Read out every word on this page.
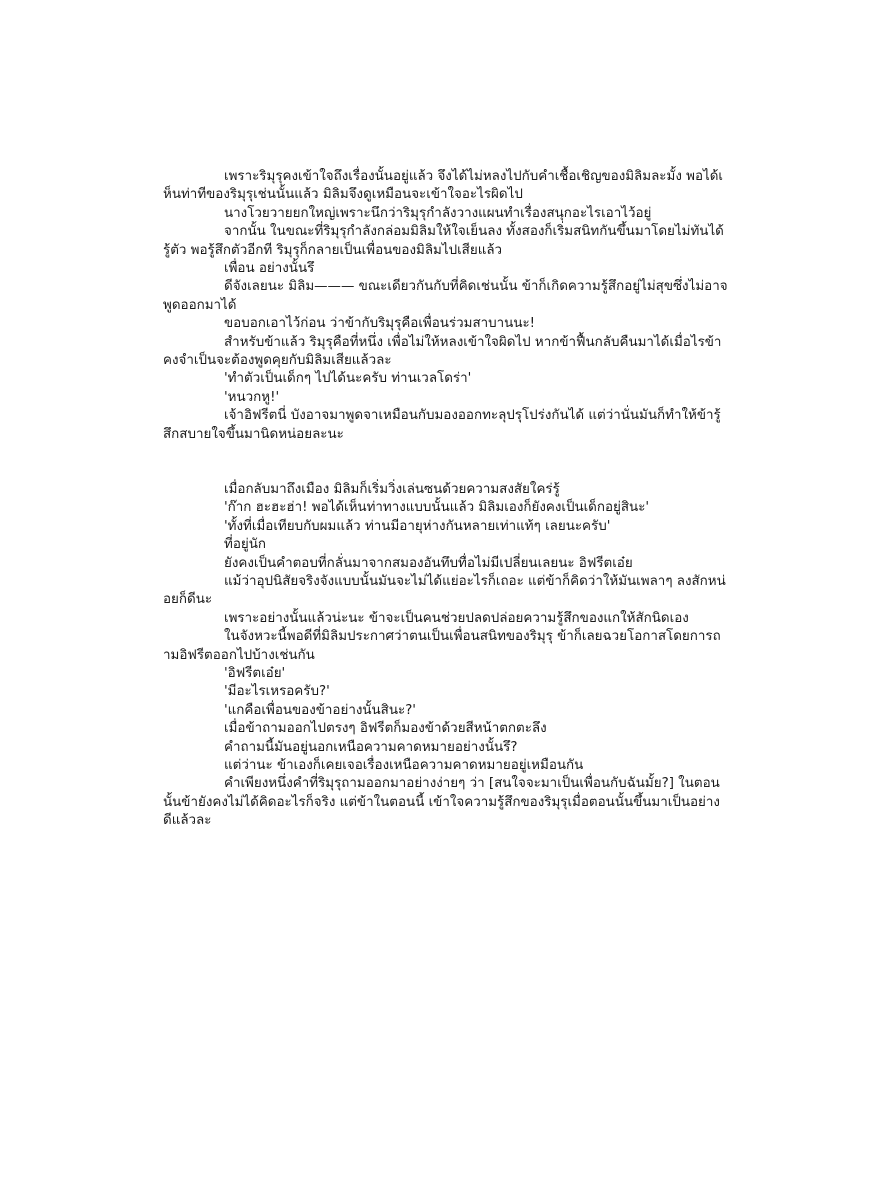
เพราะริมุรุคงเข้าใจถึงเรื่องนั้นอยู่แล้ว จึงได้ไม่หลงไปกับคำเชื้อเชิญของมิลิมละมั้ง พอได้เห็นท่าทีของริมุรุเช่นนั้นแล้ว มิลิมจึงดูเหมือนจะเข้าใจอะไรผิดไป

นางโวยวายยกใหญ่เพราะนึกว่าริมุรุกำลังวางแผนทำเรื่องสนุกอะไรเอาไว้อยู่

จากนั้น ในขณะที่ริมุรุกำลังกล่อมมิลิมให้ใจเย็นลง ทั้งสองก็เริ่มสนิทกันขึ้นมาโดยไม่ทันได้รู้ตัว พอรู้สึกตัวอีกที ริมุรุก็กลายเป็นเพื่อนของมิลิมไปเสียแล้ว

เพื่อน อย่างนั้นรึ

ดีจังเลยนะ มิลิม——— ขณะเดียวกันกับที่คิดเช่นนั้น ข้าก็เกิดความรู้สึกอยู่ไม่สุขซึ่งไม่อาจพูดออกมาได้

ขอบอกเอาไว้ก่อน ว่าข้ากับริมุรุคือเพื่อนร่วมสาบานนะ!

สำหรับข้าแล้ว ริมุรุคือที่หนึ่ง เพื่อไม่ให้หลงเข้าใจผิดไป หากข้าฟื้นกลับคืนมาได้เมื่อไรข้าคงจำเป็นจะต้องพูดคุยกับมิลิมเสียแล้วละ

'ทำตัวเป็นเด็กๆ ไปได้นะครับ ท่านเวลโดร่า'

'หนวกหู!'

เจ้าอิฟรีตนี่ บังอาจมาพูดจาเหมือนกับมองออกทะลุปรุโปร่งกันได้ แต่ว่านั่นมันก็ทำให้ข้ารู้สึกสบายใจขึ้นมานิดหน่อยละนะ

เมื่อกลับมาถึงเมือง มิลิมก็เริ่มวิ่งเล่นซนด้วยความสงสัยใคร่รู้

'ก๊าก ฮะฮะฮ่า! พอได้เห็นท่าทางแบบนั้นแล้ว มิลิมเองก็ยังคงเป็นเด็กอยู่สินะ'

'ทั้งที่เมื่อเทียบกับผมแล้ว ท่านมีอายุห่างกันหลายเท่าแท้ๆ เลยนะครับ'

ที่อยู่นัก

ยังคงเป็นคำตอบที่กลั่นมาจากสมองอันทึบทื่อไม่มีเปลี่ยนเลยนะ อิฟรีตเอ๋ย

แม้ว่าอุปนิสัยจริงจังแบบนั้นมันจะไม่ได้แย่อะไรก็เถอะ แต่ข้าก็คิดว่าให้มันเพลาๆ ลงสักหน่อยก็ดีนะ

เพราะอย่างนั้นแล้วน่ะนะ ข้าจะเป็นคนช่วยปลดปล่อยความรู้สึกของแกให้สักนิดเอง

ในจังหวะนี้พอดีที่มิลิมประกาศว่าตนเป็นเพื่อนสนิทของริมุรุ ข้าก็เลยฉวยโอกาสโดยการถามอิฟรีตออกไปบ้างเช่นกัน

'อิฟรีตเอ๋ย'

'มีอะไรเหรอครับ?'

'แกคือเพื่อนของข้าอย่างนั้นสินะ?'

เมื่อข้าถามออกไปตรงๆ อิฟรีตก็มองข้าด้วยสีหน้าตกตะลึง

คำถามนี้มันอยู่นอกเหนือความคาดหมายอย่างนั้นรึ?

แต่ว่านะ ข้าเองก็เคยเจอเรื่องเหนือความคาดหมายอยู่เหมือนกัน

คำเพียงหนึ่งคำที่ริมุรุถามออกมาอย่างง่ายๆ ว่า [สนใจจะมาเป็นเพื่อนกับฉันมั้ย?] ในตอนนั้นข้ายังคงไม่ได้คิดอะไรก็จริง แต่ข้าในตอนนี้ เข้าใจความรู้สึกของริมุรุเมื่อตอนนั้นขึ้นมาเป็นอย่างดีแล้วละ
